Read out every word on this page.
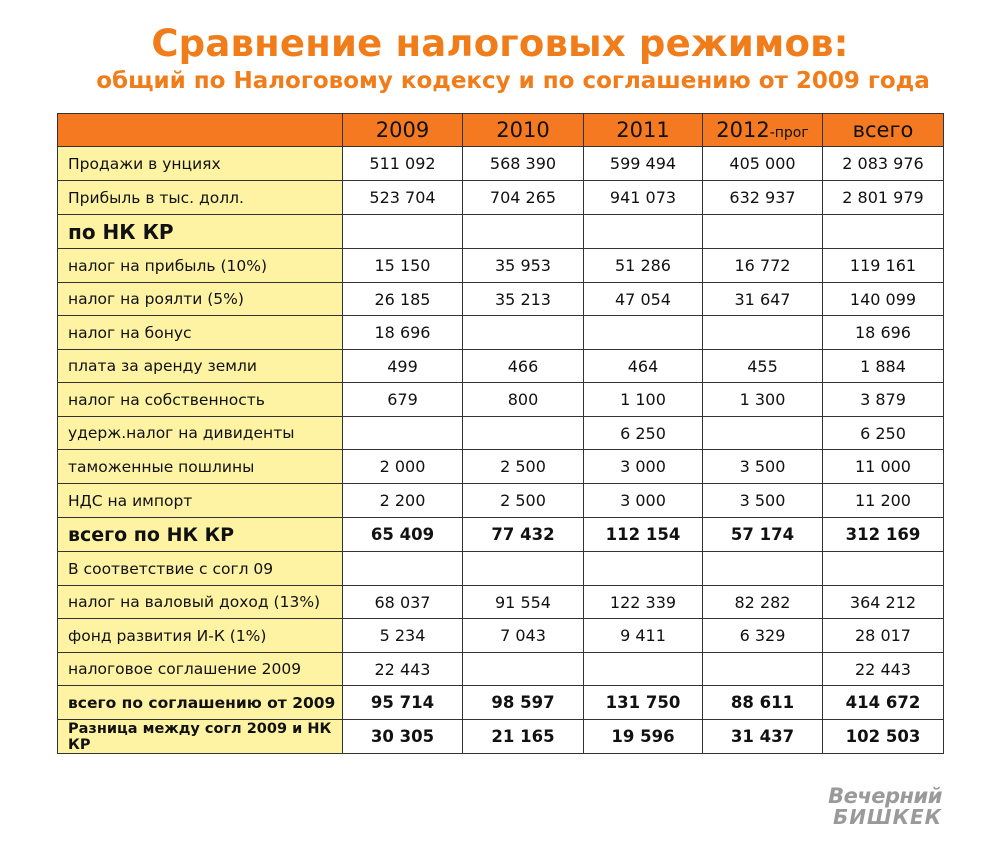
Сравнение налоговых режимов:
общий по Налоговому кодексу и по соглашению от 2009 года
	2009	2010	2011	2012-прог	всего
Продажи в унциях	511 092	568 390	599 494	405 000	2 083 976
Прибыль в тыс. долл.	523 704	704 265	941 073	632 937	2 801 979
по НК КР					
налог на прибыль (10%)	15 150	35 953	51 286	16 772	119 161
налог на роялти (5%)	26 185	35 213	47 054	31 647	140 099
налог на бонус	18 696				18 696
плата за аренду земли	499	466	464	455	1 884
налог на собственность	679	800	1 100	1 300	3 879
удерж.налог на дивиденты			6 250		6 250
таможенные пошлины	2 000	2 500	3 000	3 500	11 000
НДС на импорт	2 200	2 500	3 000	3 500	11 200
всего по НК КР	65 409	77 432	112 154	57 174	312 169
В соответствие с согл 09					
налог на валовый доход (13%)	68 037	91 554	122 339	82 282	364 212
фонд развития И-К (1%)	5 234	7 043	9 411	6 329	28 017
налоговое соглашение 2009	22 443				22 443
всего по соглашению от 2009	95 714	98 597	131 750	88 611	414 672
Разница между согл 2009 и НК КР	30 305	21 165	19 596	31 437	102 503
Вечерний
БИШКЕК
